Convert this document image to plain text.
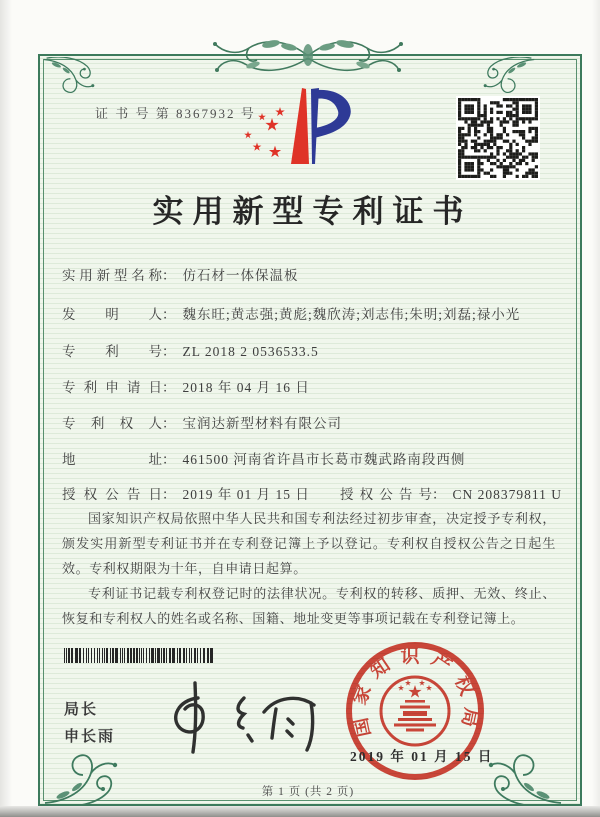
证 书 号 第 8367932 号
实用新型专利证书
实用新型名称： 仿石材一体保温板
发明人： 魏东旺;黄志强;黄彪;魏欣涛;刘志伟;朱明;刘磊;禄小光
专利号： ZL 2018 2 0536533.5
专利申请日： 2018 年 04 月 16 日
专利权人： 宝润达新型材料有限公司
地址： 461500 河南省许昌市长葛市魏武路南段西侧
授权公告日： 2019 年 01 月 15 日 授权公告号： CN 208379811 U

国家知识产权局依照中华人民共和国专利法经过初步审查，决定授予专利权，颁发实用新型专利证书并在专利登记簿上予以登记。专利权自授权公告之日起生效。专利权期限为十年，自申请日起算。

专利证书记载专利权登记时的法律状况。专利权的转移、质押、无效、终止、恢复和专利权人的姓名或名称、国籍、地址变更等事项记载在专利登记簿上。

局长
申长雨	国家知识产权局
2019 年 01 月 15 日
第 1 页 (共 2 页)
